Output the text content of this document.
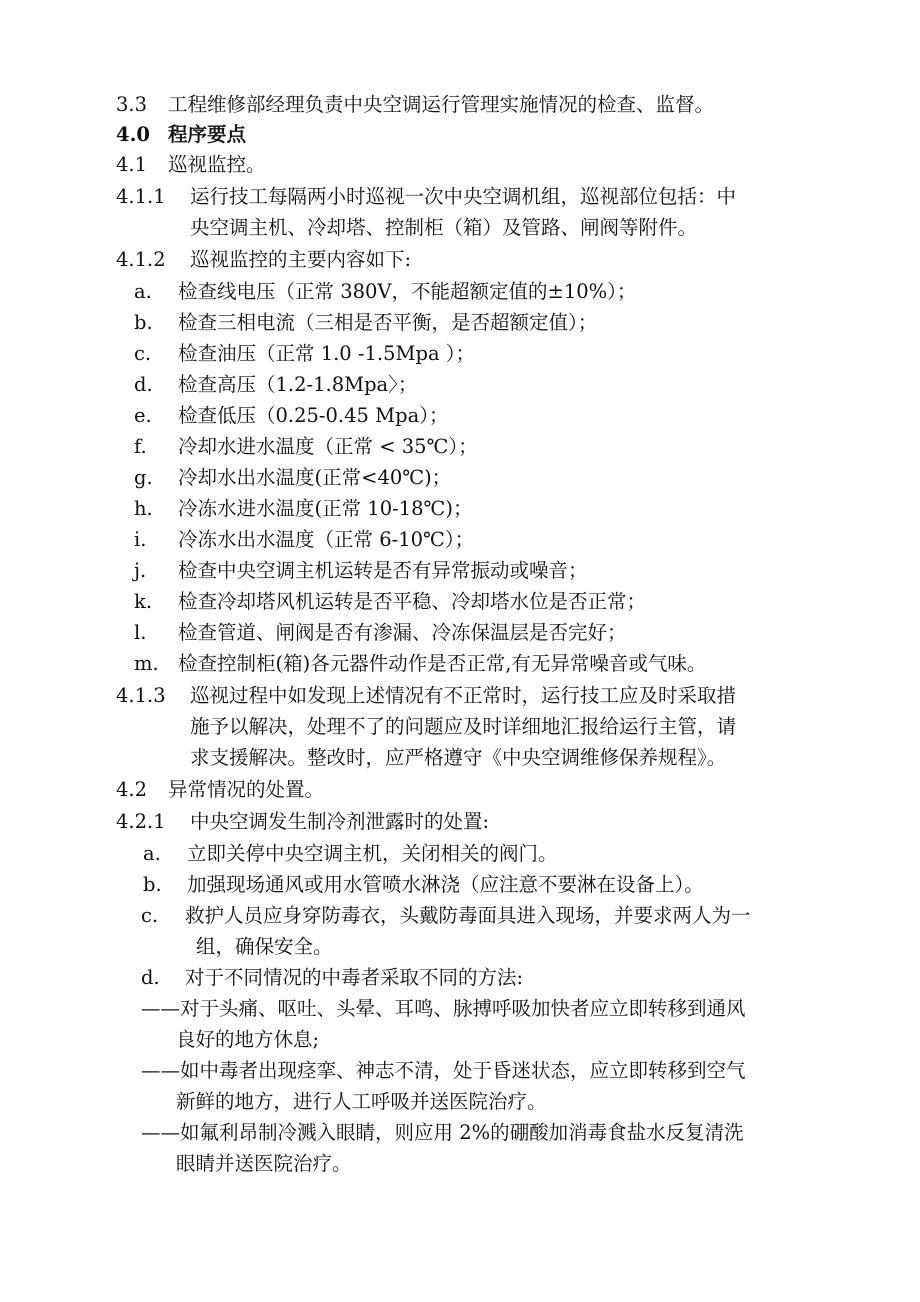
3.3 工程维修部经理负责中央空调运行管理实施情况的检查、监督。
4.0 程序要点
4.1 巡视监控。
4.1.1 运行技工每隔两小时巡视一次中央空调机组，巡视部位包括：中
央空调主机、冷却塔、控制柜（箱）及管路、闸阀等附件。
4.1.2 巡视监控的主要内容如下:
a. 检查线电压（正常 380V，不能超额定值的±10%）；
b. 检查三相电流（三相是否平衡，是否超额定值）；
c. 检查油压（正常 1.0 -1.5Mpa ）；
d. 检查高压（1.2-1.8Mpa〉；
e. 检查低压（0.25-0.45 Mpa）；
f. 冷却水进水温度（正常 < 35℃）；
g. 冷却水出水温度(正常<40℃)；
h. 冷冻水进水温度(正常 10-18℃)；
i. 冷冻水出水温度（正常 6-10℃）；
j. 检查中央空调主机运转是否有异常振动或噪音；
k. 检查冷却塔风机运转是否平稳、冷却塔水位是否正常；
l. 检查管道、闸阀是否有渗漏、冷冻保温层是否完好；
m. 检查控制柜(箱)各元器件动作是否正常,有无异常噪音或气味。
4.1.3 巡视过程中如发现上述情况有不正常时，运行技工应及时采取措
施予以解决，处理不了的问题应及时详细地汇报给运行主管，请
求支援解决。整改时，应严格遵守《中央空调维修保养规程》。
4.2 异常情况的处置。
4.2.1 中央空调发生制冷剂泄露时的处置:
a. 立即关停中央空调主机，关闭相关的阀门。
b. 加强现场通风或用水管喷水淋浇（应注意不要淋在设备上）。
c. 救护人员应身穿防毒衣，头戴防毒面具进入现场，并要求两人为一
组，确保安全。
d. 对于不同情况的中毒者采取不同的方法:
——对于头痛、呕吐、头晕、耳鸣、脉搏呼吸加快者应立即转移到通风
良好的地方休息;
——如中毒者出现痉挛、神志不清，处于昏迷状态，应立即转移到空气
新鲜的地方，进行人工呼吸并送医院治疗。
——如氟利昂制冷溅入眼睛，则应用 2%的硼酸加消毒食盐水反复清洗
眼睛并送医院治疗。
